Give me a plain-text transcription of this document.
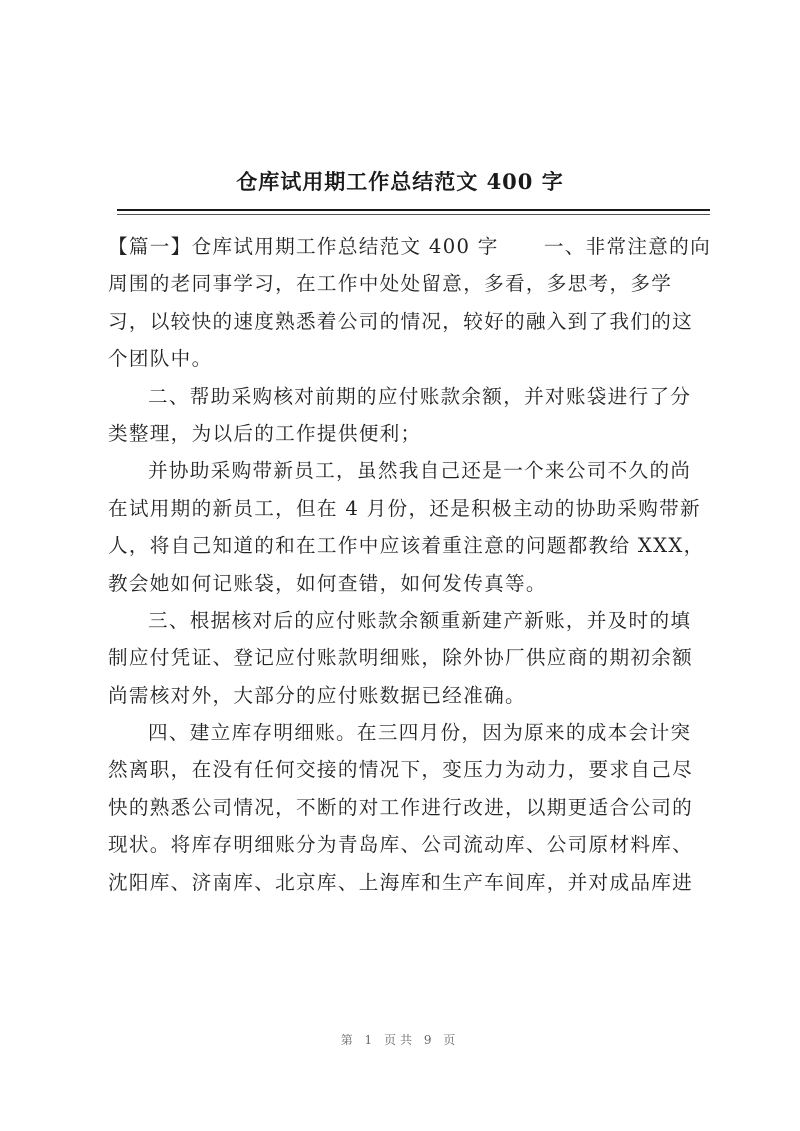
仓库试用期工作总结范文 400 字
【篇一】仓库试用期工作总结范文 400 字      一、非常注意的向
周围的老同事学习，在工作中处处留意，多看，多思考，多学
习，以较快的速度熟悉着公司的情况，较好的融入到了我们的这
个团队中。
二、帮助采购核对前期的应付账款余额，并对账袋进行了分
类整理，为以后的工作提供便利；
并协助采购带新员工，虽然我自己还是一个来公司不久的尚
在试用期的新员工，但在 4 月份，还是积极主动的协助采购带新
人，将自己知道的和在工作中应该着重注意的问题都教给 XXX，
教会她如何记账袋，如何查错，如何发传真等。
三、根据核对后的应付账款余额重新建产新账，并及时的填
制应付凭证、登记应付账款明细账，除外协厂供应商的期初余额
尚需核对外，大部分的应付账数据已经准确。
四、建立库存明细账。在三四月份，因为原来的成本会计突
然离职，在没有任何交接的情况下，变压力为动力，要求自己尽
快的熟悉公司情况，不断的对工作进行改进，以期更适合公司的
现状。将库存明细账分为青岛库、公司流动库、公司原材料库、
沈阳库、济南库、北京库、上海库和生产车间库，并对成品库进
第 1 页共 9 页
